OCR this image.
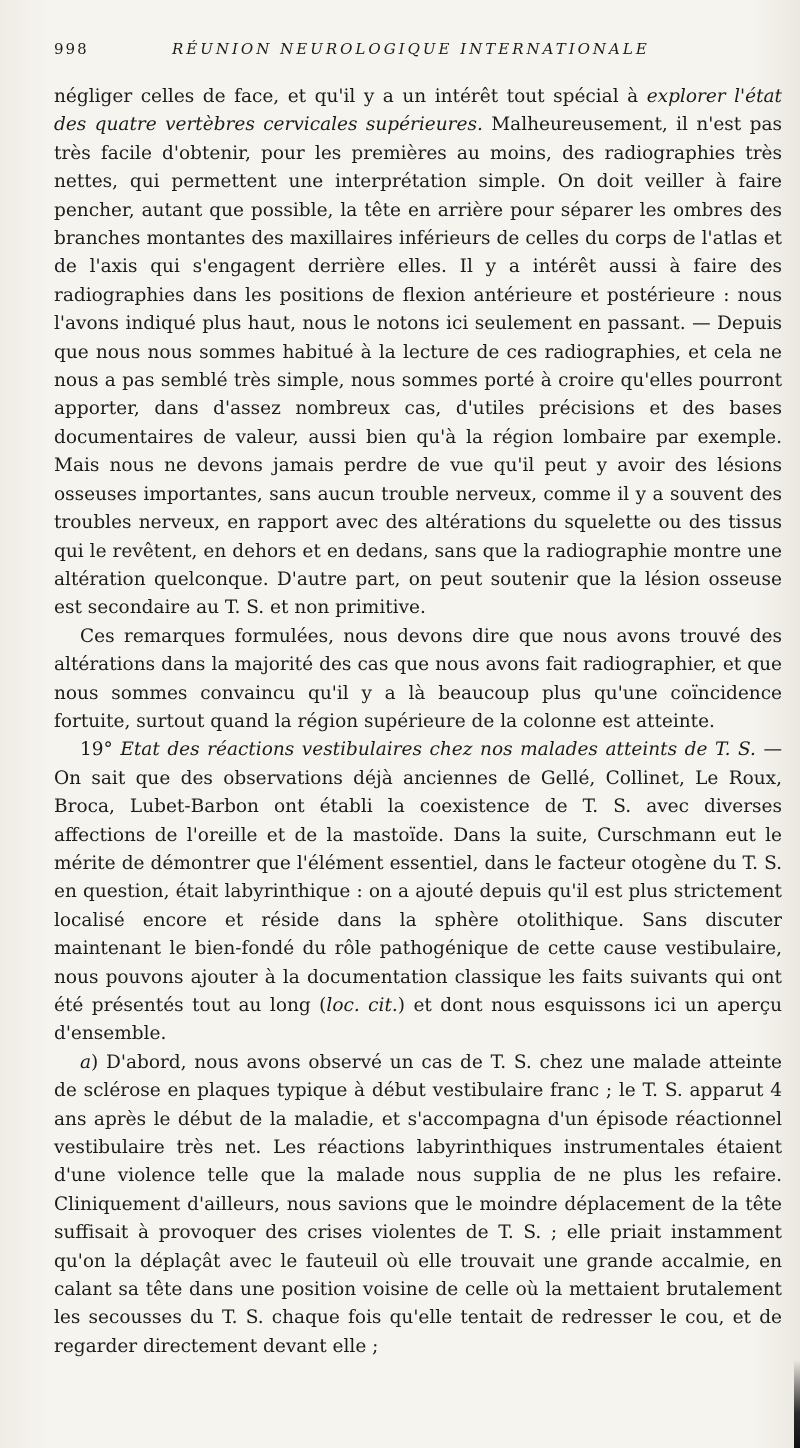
998	RÉUNION NEUROLOGIQUE INTERNATIONALE

négliger celles de face, et qu'il y a un intérêt tout spécial à explorer l'état des quatre vertèbres cervicales supérieures. Malheureusement, il n'est pas très facile d'obtenir, pour les premières au moins, des radiographies très nettes, qui permettent une interprétation simple. On doit veiller à faire pencher, autant que possible, la tête en arrière pour séparer les ombres des branches montantes des maxillaires inférieurs de celles du corps de l'atlas et de l'axis qui s'engagent derrière elles. Il y a intérêt aussi à faire des radiographies dans les positions de flexion antérieure et postérieure : nous l'avons indiqué plus haut, nous le notons ici seulement en passant. — Depuis que nous nous sommes habitué à la lecture de ces radiographies, et cela ne nous a pas semblé très simple, nous sommes porté à croire qu'elles pourront apporter, dans d'assez nombreux cas, d'utiles précisions et des bases documentaires de valeur, aussi bien qu'à la région lombaire par exemple. Mais nous ne devons jamais perdre de vue qu'il peut y avoir des lésions osseuses importantes, sans aucun trouble nerveux, comme il y a souvent des troubles nerveux, en rapport avec des altérations du squelette ou des tissus qui le revêtent, en dehors et en dedans, sans que la radiographie montre une altération quelconque. D'autre part, on peut soutenir que la lésion osseuse est secondaire au T. S. et non primitive.

Ces remarques formulées, nous devons dire que nous avons trouvé des altérations dans la majorité des cas que nous avons fait radiographier, et que nous sommes convaincu qu'il y a là beaucoup plus qu'une coïncidence fortuite, surtout quand la région supérieure de la colonne est atteinte.

19° Etat des réactions vestibulaires chez nos malades atteints de T. S. — On sait que des observations déjà anciennes de Gellé, Collinet, Le Roux, Broca, Lubet-Barbon ont établi la coexistence de T. S. avec diverses affections de l'oreille et de la mastoïde. Dans la suite, Curschmann eut le mérite de démontrer que l'élément essentiel, dans le facteur otogène du T. S. en question, était labyrinthique : on a ajouté depuis qu'il est plus strictement localisé encore et réside dans la sphère otolithique. Sans discuter maintenant le bien-fondé du rôle pathogénique de cette cause vestibulaire, nous pouvons ajouter à la documentation classique les faits suivants qui ont été présentés tout au long (loc. cit.) et dont nous esquissons ici un aperçu d'ensemble.

a) D'abord, nous avons observé un cas de T. S. chez une malade atteinte de sclérose en plaques typique à début vestibulaire franc ; le T. S. apparut 4 ans après le début de la maladie, et s'accompagna d'un épisode réactionnel vestibulaire très net. Les réactions labyrinthiques instrumentales étaient d'une violence telle que la malade nous supplia de ne plus les refaire. Cliniquement d'ailleurs, nous savions que le moindre déplacement de la tête suffisait à provoquer des crises violentes de T. S. ; elle priait instamment qu'on la déplaçât avec le fauteuil où elle trouvait une grande accalmie, en calant sa tête dans une position voisine de celle où la mettaient brutalement les secousses du T. S. chaque fois qu'elle tentait de redresser le cou, et de regarder directement devant elle ;
